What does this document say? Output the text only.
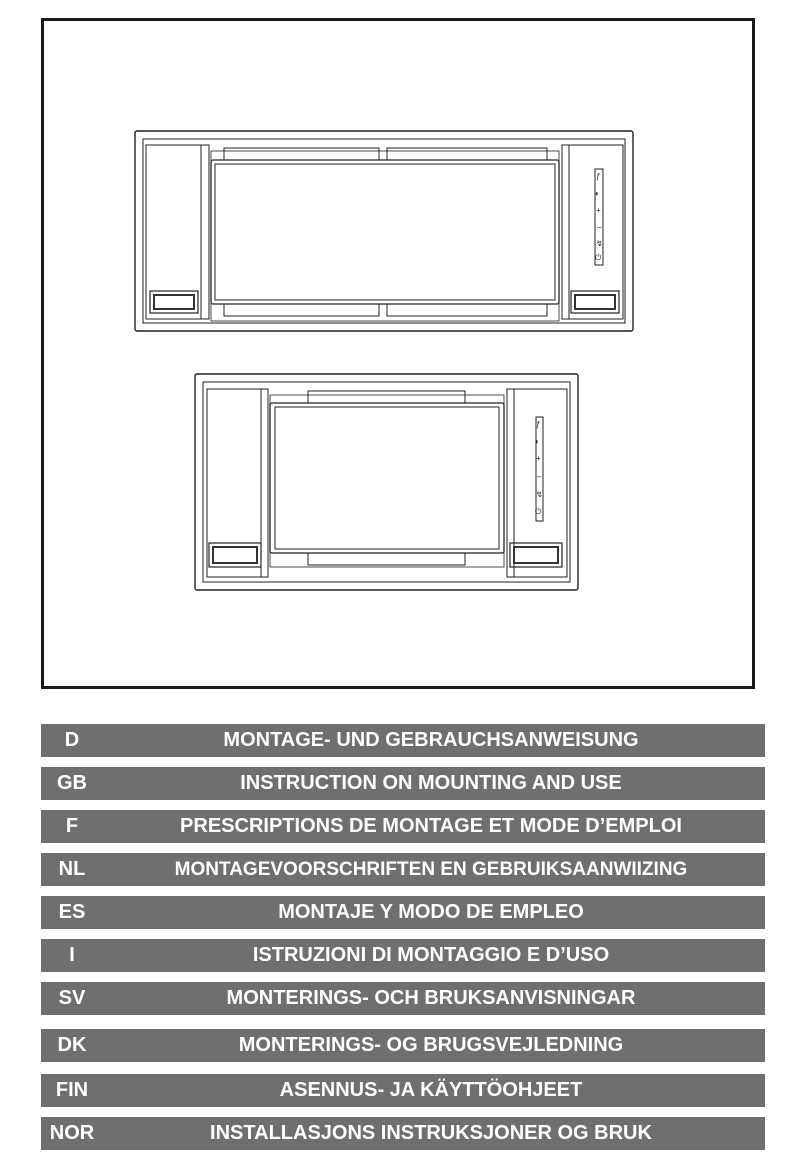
ƒ
◐
+
–
↯
⏻
ƒ
◐
+
–
↯
⏻
D	MONTAGE- UND GEBRAUCHSANWEISUNG
GB	INSTRUCTION ON MOUNTING AND USE
F	PRESCRIPTIONS DE MONTAGE ET MODE D’EMPLOI
NL	MONTAGEVOORSCHRIFTEN EN GEBRUIKSAANWIIZING
ES	MONTAJE Y MODO DE EMPLEO
I	ISTRUZIONI DI MONTAGGIO E D’USO
SV	MONTERINGS- OCH BRUKSANVISNINGAR
DK	MONTERINGS- OG BRUGSVEJLEDNING
FIN	ASENNUS- JA KÄYTTÖOHJEET
NOR	INSTALLASJONS INSTRUKSJONER OG BRUK
